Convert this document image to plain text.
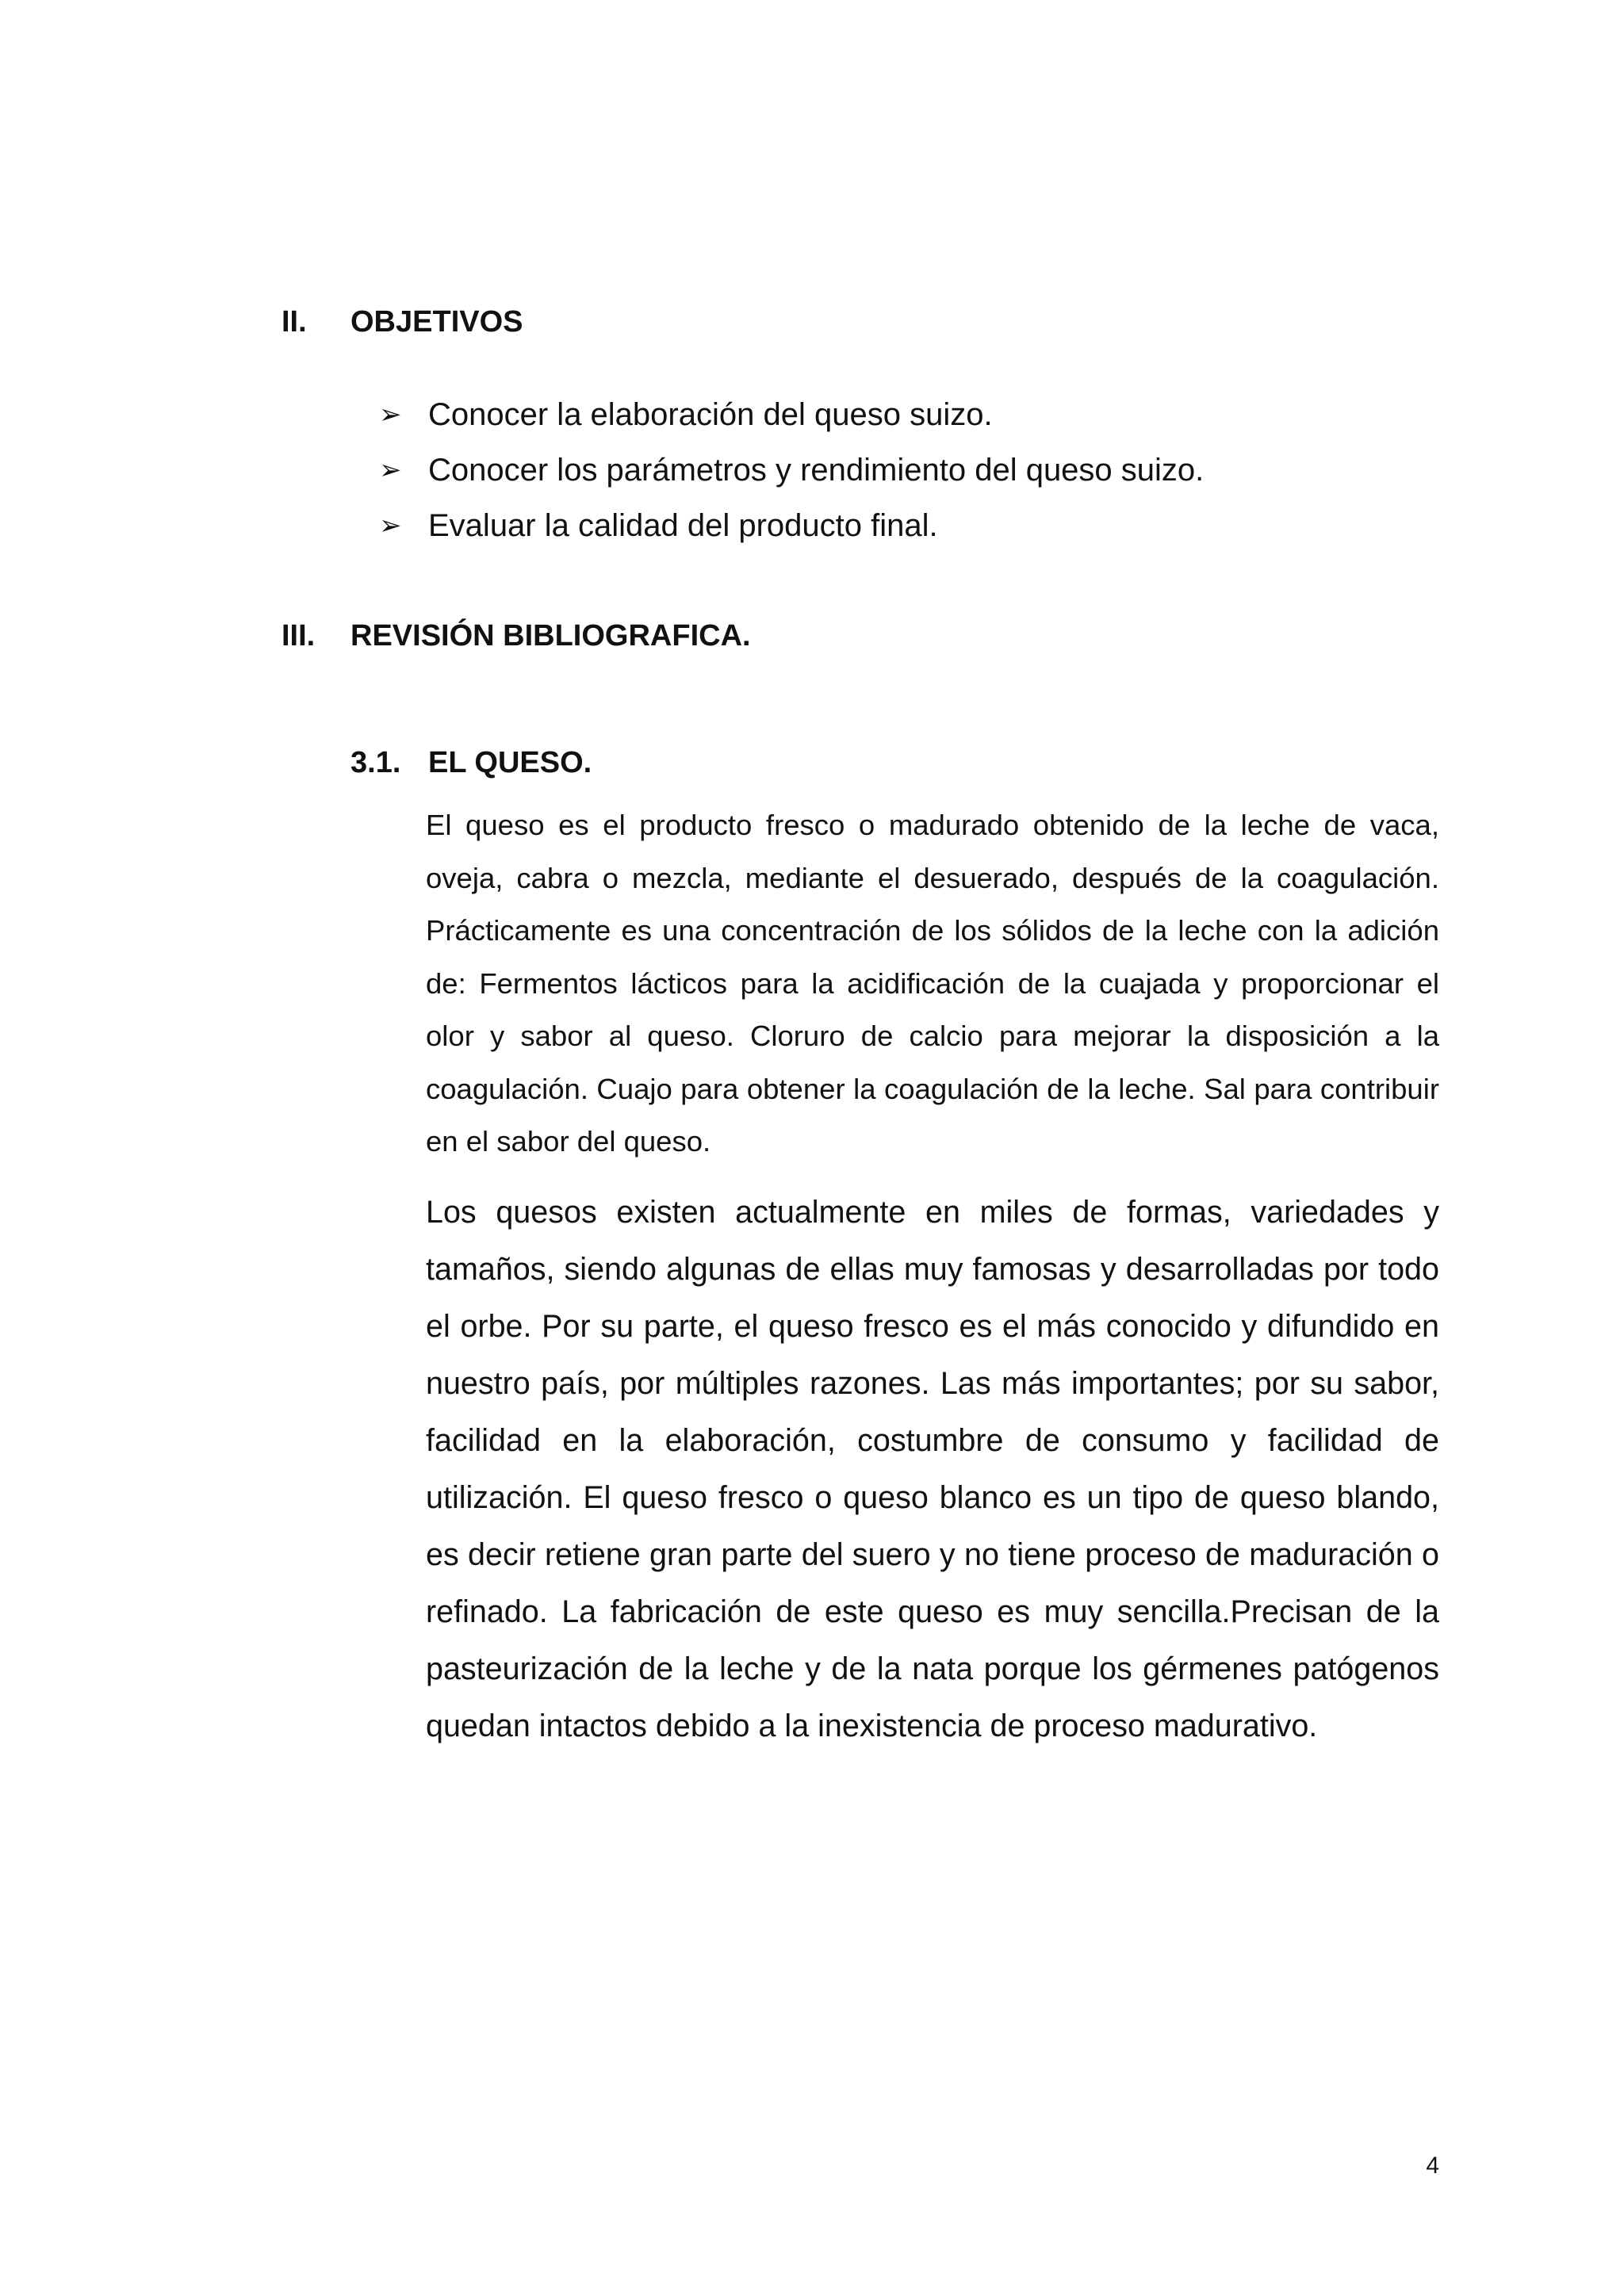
II. OBJETIVOS
➢ Conocer la elaboración del queso suizo.
➢ Conocer los parámetros y rendimiento del queso suizo.
➢ Evaluar la calidad del producto final.
III. REVISIÓN BIBLIOGRAFICA.
3.1. EL QUESO.

El queso es el producto fresco o madurado obtenido de la leche de vaca, oveja, cabra o mezcla, mediante el desuerado, después de la coagulación. Prácticamente es una concentración de los sólidos de la leche con la adición de: Fermentos lácticos para la acidificación de la cuajada y proporcionar el olor y sabor al queso. Cloruro de calcio para mejorar la disposición a la coagulación. Cuajo para obtener la coagulación de la leche. Sal para contribuir en el sabor del queso.

Los quesos existen actualmente en miles de formas, variedades y tamaños, siendo algunas de ellas muy famosas y desarrolladas por todo el orbe. Por su parte, el queso fresco es el más conocido y difundido en nuestro país, por múltiples razones. Las más importantes; por su sabor, facilidad en la elaboración, costumbre de consumo y facilidad de utilización. El queso fresco o queso blanco es un tipo de queso blando, es decir retiene gran parte del suero y no tiene proceso de maduración o refinado. La fabricación de este queso es muy sencilla.Precisan de la pasteurización de la leche y de la nata porque los gérmenes patógenos quedan intactos debido a la inexistencia de proceso madurativo.

4
